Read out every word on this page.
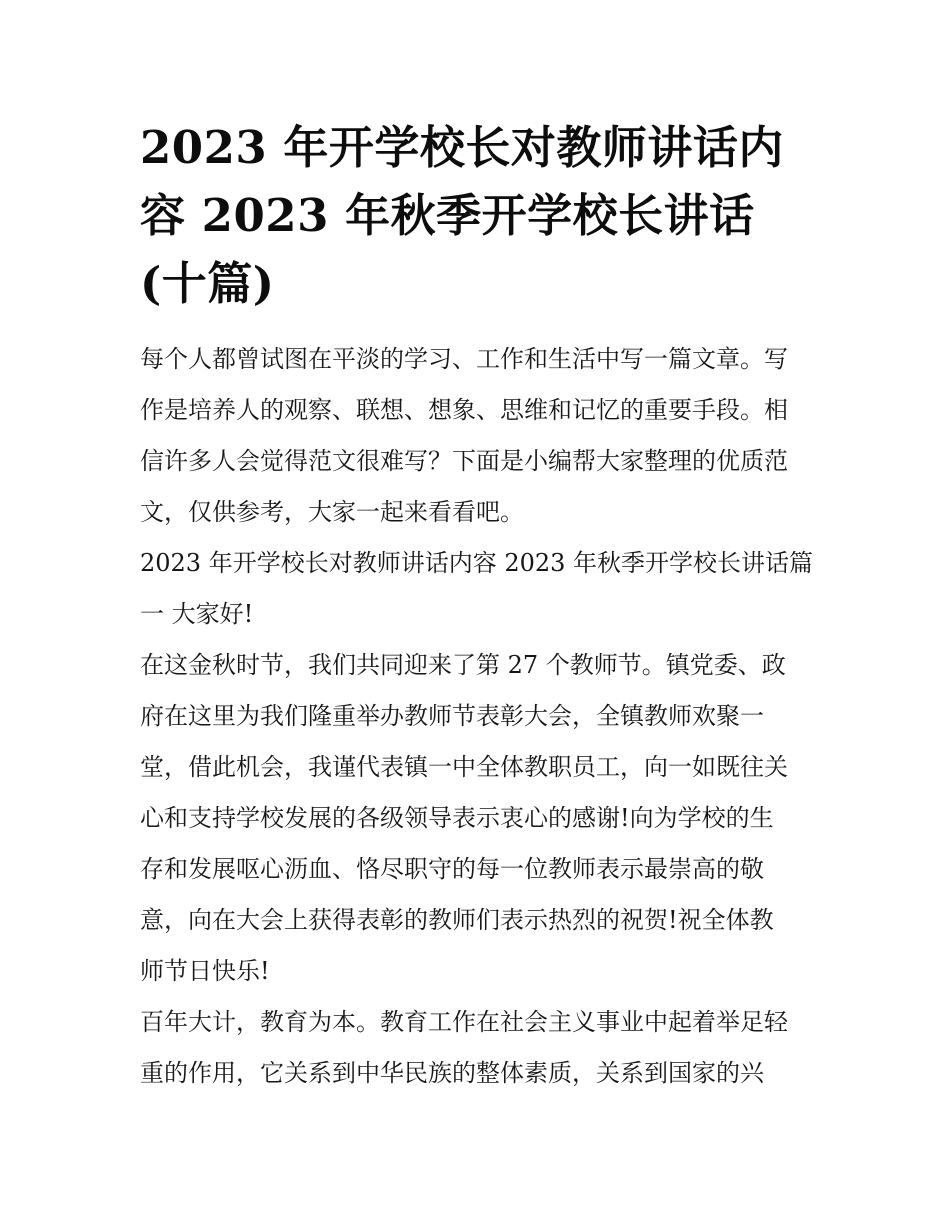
2023 年开学校长对教师讲话内
容 2023 年秋季开学校长讲话
(十篇)

每个人都曾试图在平淡的学习、工作和生活中写一篇文章。写
作是培养人的观察、联想、想象、思维和记忆的重要手段。相
信许多人会觉得范文很难写？下面是小编帮大家整理的优质范
文，仅供参考，大家一起来看看吧。

2023 年开学校长对教师讲话内容 2023 年秋季开学校长讲话篇
一 大家好!

在这金秋时节，我们共同迎来了第 27 个教师节。镇党委、政
府在这里为我们隆重举办教师节表彰大会，全镇教师欢聚一
堂，借此机会，我谨代表镇一中全体教职员工，向一如既往关
心和支持学校发展的各级领导表示衷心的感谢!向为学校的生
存和发展呕心沥血、恪尽职守的每一位教师表示最崇高的敬
意，向在大会上获得表彰的教师们表示热烈的祝贺!祝全体教
师节日快乐!

百年大计，教育为本。教育工作在社会主义事业中起着举足轻
重的作用，它关系到中华民族的整体素质，关系到国家的兴
